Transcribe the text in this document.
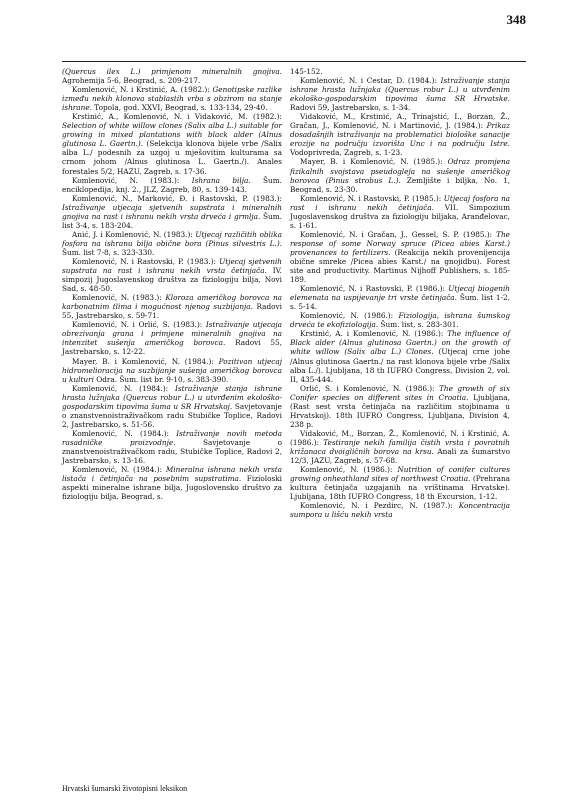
348

(Quercus ilex L.) primjenom mineralnih gnojiva. Agrohemija 5-6, Beograd, s. 209-217.

Komlenović, N. i Krstinić, A. (1982.): Genotipske razlike između nekih klonova stablastih vrba s obzirom na stanje ishrane. Topola, god. XXVI, Beograd, s. 133-134, 29-40.

Krstinić, A., Komlenović, N. i Vidaković, M. (1982.): Selection of white willow clones (Salix alba L.) suitable for growing in mixed plantations with black alder (Alnus glutinosa L. Gaertn.). (Selekcija klonova bijele vrbe /Salix alba L./ podesnih za uzgoj u mješovitim kulturama sa crnom johom /Alnus glutinosa L. Gaertn./). Anales forestales 5/2, HAZU, Zagreb, s. 17-36.

Komlenović, N. (1983.): Ishrana bilja. Šum. enciklopedija, knj. 2., JLZ, Zagreb, 80, s. 139-143.

Komlenović, N., Marković, Đ. i Rastovski, P. (1983.): Istraživanje utjecaja sjetvenih supstrata i mineralnih gnojiva na rast i ishranu nekih vrsta drveća i grmlja. Šum. list 3-4, s. 183-204.

Anić, J. i Komlenović, N. (1983.): Utjecaj različitih oblika fosfora na ishranu bilja obične bora (Pinus silvestris L.). Šum. list 7-8, s. 323-330.

Komlenović, N. i Rastovski, P. (1983.): Utjecaj sjetvenih supstrata na rast i ishranu nekih vrsta četinjača. IV. simpozij Jugoslavenskog društva za fiziologiju bilja, Novi Sad, s. 48-50.

Komlenović, N. (1983.): Kloroza američkog borovca na karbonatnim tlima i mogućnost njenog suzbijanja. Radovi 55, Jastrebarsko, s. 59-71.

Komlenović, N. i Orlić, S. (1983.): Istraživanje utjecaja obrezivanja grana i primjene mineralnih gnojiva na intenzitet sušenja američkog borovca. Radovi 55, Jastrebarsko, s. 12-22.

Mayer, B. i Komlenović, N. (1984.): Pozitivan utjecaj hidromelioracija na suzbijanje sušenja američkog borovca u kulturi Odra. Šum. list br. 9-10, s. 383-390.

Komlenović, N. (1984.): Istraživanje stanja ishrane hrasta lužnjaka (Quercus robur L.) u utvrđenim ekološko-gospodarskim tipovima šuma u SR Hrvatskoj. Savjetovanje o znanstvenoistraživačkom radu Stubičke Toplice, Radovi 2, Jastrebarsko, s. 51-56.

Komlenović, N. (1984.): Istraživanje novih metoda rasadničke proizvodnje. Savjetovanje o znanstvenoistraživačkom radu, Stubičke Toplice, Radovi 2, Jastrebarsko, s. 13-16.

Komlenović, N. (1984.): Mineralna ishrana nekih vrsta listača i četinjača na posebnim supstratima. Fizioloski aspekti mineralne ishrane bilja, Jugoslovensko društvo za fiziologiju bilja, Beograd, s.

145-152.

Komlenović, N. i Cestar, D. (1984.): Istraživanje stanja ishrane hrasta lužnjaka (Quercus robur L.) u utvrđenim ekološko-gospodarskim tipovima šuma SR Hrvatske. Radovi 59, Jastrebarsko, s. 1-34.

Vidaković, M., Krstinić, A., Trinajstić, I., Borzan, Ž., Gračan, J., Komlenović, N. i Martinović, J. (1984.): Prikaz dosadašnjih istraživanja na problematici biološke sanacije erozije na području izvorišta Unc i na području Istre. Vodoprivreda, Zagreb, s. 1-23.

Mayer, B. i Komlenović, N. (1985.): Odraz promjena fizikalnih svojstava pseudogleja na sušenje američkog borovca (Pinus strobus L.). Zemljište i biljka, No. 1, Beograd, s. 23-30.

Komlenović, N. i Rastovski, P. (1985.): Utjecaj fosfora na rast i ishranu nekih četinjača. VII. Simpozium Jugoslavenskog društva za fiziologiju biljaka, Aranđelovac, s. 1-61.

Komlenović, N. i Gračan, J., Gessel, S. P. (1985.): The response of some Norway spruce (Picea abies Karst.) provenances to fertilizers. (Reakcija nekih provenijencija obične smreke /Picea abies Karst./ na gnojidbu). Forest site and productivity. Martinus Nijhoff Publishers, s. 185-189.

Komlenović, N. i Rastovski, P. (1986.): Utjecaj biogenih elemenata na uspijevanje tri vrste četinjača. Šum. list 1-2, s. 5-14.

Komlenović, N. (1986.): Fiziologija, ishrana šumskog drveća te ekofiziologija. Šum. list, s. 283-301.

Krstinić, A. i Komlenović, N. (1986.): The influence of Black alder (Alnus glutinosa Gaertn.) on the growth of white willow (Salix alba L.) Clones. (Utjecaj crne johe /Alnus glutinosa Gaertn./ na rast klonova bijele vrbe /Salix alba L./). Ljubljana, 18 th IUFRO Congress, Division 2, vol. II, 435-444.

Orlić, S. i Komlenović, N. (1986.): The growth of six Conifer species on different sites in Croatia. Ljubljana, (Rast sest vrsta četinjača na različitim stojbinama u Hrvatskoj). 18th IUFRO Congress, Ljubljana, Division 4, 238 p.

Vidaković, M., Borzan, Ž., Komlenović, N. i Krstinić, A. (1986.): Testiranje nekih familija čistih vrsta i povratnih križanaca dvoigličnih borova na krsu. Anali za šumarstvo 12/3, JAZU, Zagreb, s. 57-68.

Komlenović, N. (1986.): Nutrition of conifer cultures growing onheathland sites of northwest Croatia. (Prehrana kultura četinjača uzgajanih na vrištinama Hrvatske). Ljubljana, 18th IUFRO Congress, 18 th Excursion, 1-12.

Komlenović, N. i Pezdirc, N. (1987.): Koncentracija sumpora u lišću nekih vrsta

Hrvatski šumarski životopisni leksikon
